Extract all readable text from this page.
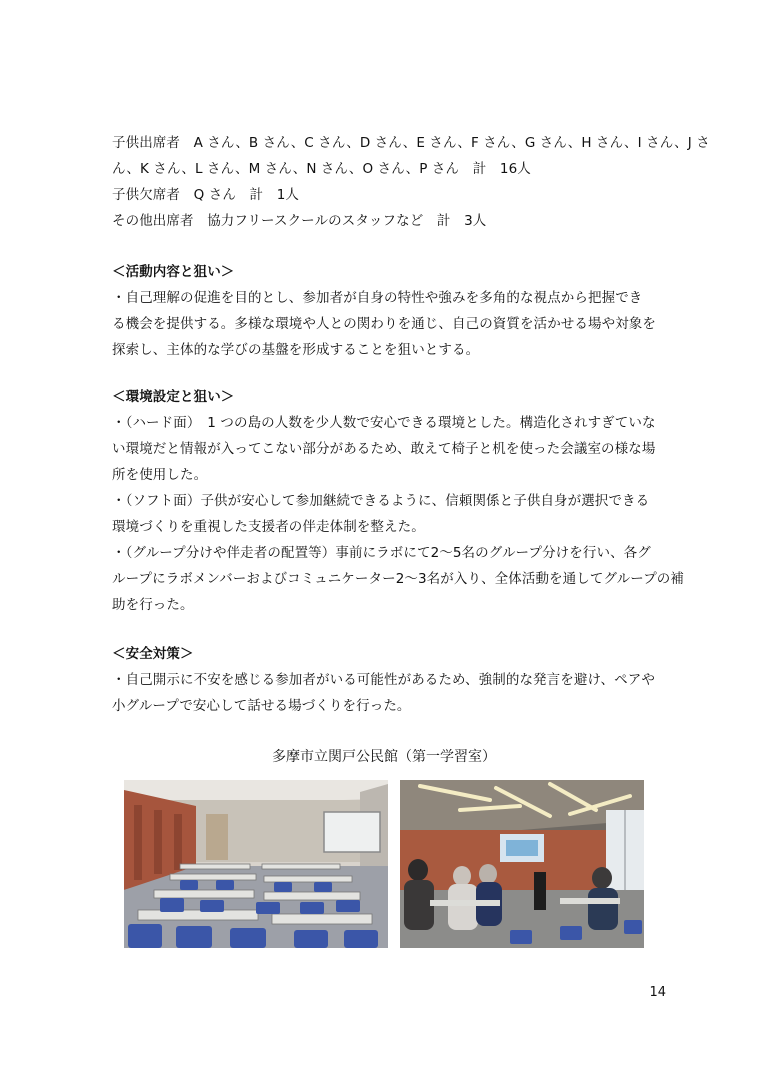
子供出席者　A さん、B さん、C さん、D さん、E さん、F さん、G さん、H さん、I さん、J さ
ん、K さん、L さん、M さん、N さん、O さん、P さん　計　16人
子供欠席者　Q さん　計　1人
その他出席者　協力フリースクールのスタッフなど　計　3人
＜活動内容と狙い＞
・自己理解の促進を目的とし、参加者が自身の特性や強みを多角的な視点から把握でき
る機会を提供する。多様な環境や人との関わりを通じ、自己の資質を活かせる場や対象を
探索し、主体的な学びの基盤を形成することを狙いとする。
＜環境設定と狙い＞
・（ハード面）　1 つの島の人数を少人数で安心できる環境とした。構造化されすぎていな
い環境だと情報が入ってこない部分があるため、敢えて椅子と机を使った会議室の様な場
所を使用した。
・（ソフト面）子供が安心して参加継続できるように、信頼関係と子供自身が選択できる
環境づくりを重視した支援者の伴走体制を整えた。
・（グループ分けや伴走者の配置等）事前にラボにて2～5名のグループ分けを行い、各グ
ループにラボメンバーおよびコミュニケーター2～3名が入り、全体活動を通してグループの補
助を行った。
＜安全対策＞
・自己開示に不安を感じる参加者がいる可能性があるため、強制的な発言を避け、ペアや
小グループで安心して話せる場づくりを行った。
多摩市立関戸公民館（第一学習室）
14
